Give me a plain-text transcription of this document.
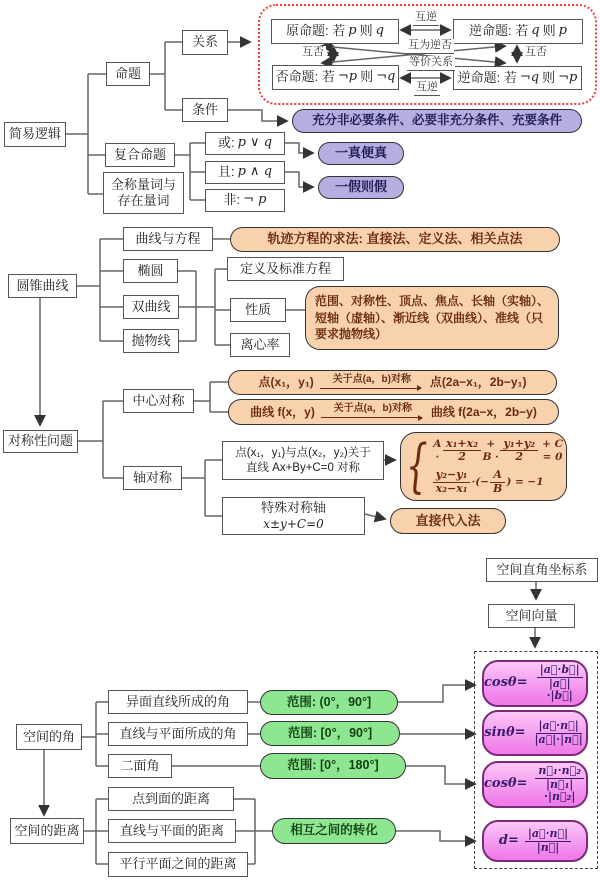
简易逻辑
命题
关系
条件
复合命题
全称量词与存在量词
或: p ∨ q
且: p ∧ q
非: ¬ p
充分非必要条件、必要非充分条件、充要条件
一真便真
一假则假
原命题: 若 p 则 q	逆命题: 若 q 则 p
否命题: 若 ¬p 则 ¬q	逆命题: 若 ¬q 则 ¬p
互逆
互否	互否
互为逆否
等价关系
互逆
圆锥曲线
曲线与方程
椭圆
双曲线
抛物线
轨迹方程的求法: 直接法、定义法、相关点法
定义及标准方程
性质
离心率
范围、对称性、顶点、焦点、长轴（实轴）、短轴（虚轴）、渐近线（双曲线）、准线（只要求抛物线）
对称性问题
中心对称
轴对称
点(x₁，y₁) 关于点(a，b)对称 点(2a−x₁，2b−y₁)
曲线 f(x，y) 关于点(a，b)对称 曲线 f(2a−x，2b−y)
点(x₁，y₁)与点(x₂，y₂)关于
直线 Ax+By+C=0 对称 { $A \cdot \frac{\text{x₁+x₂}}{2} + B \cdot \frac{\text{y₁+y₂}}{2} + C = 0$
$\frac{\text{y₂−y₁}}{\text{x₂−x₁}}$ ·(− $\frac{A}{B}$ ) = −1
特殊对称轴
x±y+C=0	直接代入法
空间直角坐标系
空间向量
空间的角
异面直线所成的角
直线与平面所成的角
二面角
范围: (0°，90°]
范围: [0°，90°]
范围: [0°，180°]
空间的距离
点到面的距离
直线与平面的距离
平行平面之间的距离
相互之间的转化
$\cos\theta= \frac{|a⃗\cdot b⃗|}{|a⃗|\cdot|b⃗|}$
$\sin\theta= \frac{|a⃗\cdot n⃗|}{|a⃗|\cdot|n⃗|}$
$\cos\theta= \frac{\text{n⃗₁·n⃗₂}}{\text{|n⃗₁|·|n⃗₂|}}$
$d= \frac{|a⃗\cdot n⃗|}{|n⃗|}$
